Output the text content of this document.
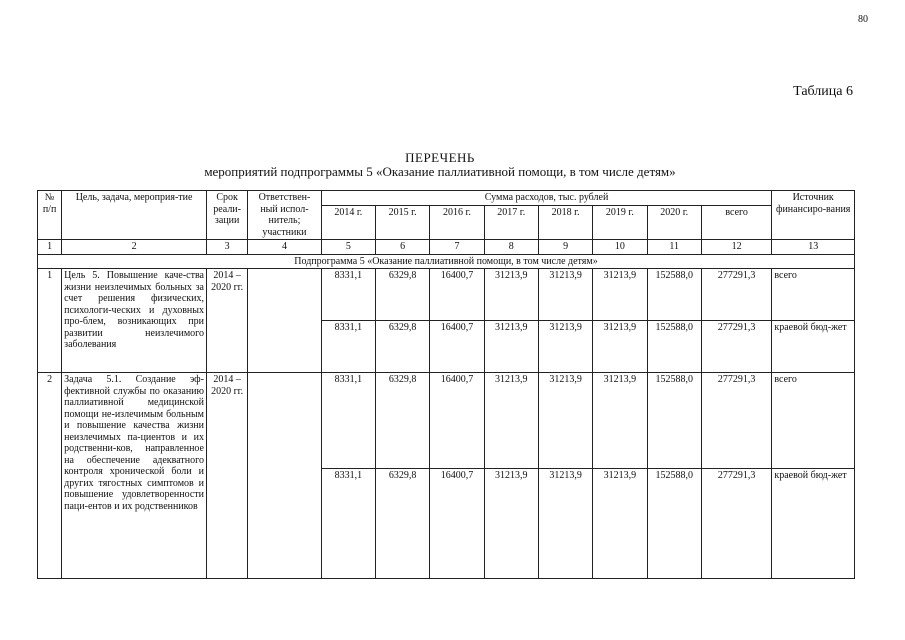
80
Таблица 6
ПЕРЕЧЕНЬ
мероприятий подпрограммы 5 «Оказание паллиативной помощи, в том числе детям»
№ п/п	Цель, задача, мероприя-тие	Срок реали-зации	Ответствен-ный испол-нитель; участники	Сумма расходов, тыс. рублей								Источник финансиро-вания
				2014 г.	2015 г.	2016 г.	2017 г.	2018 г.	2019 г.	2020 г.	всего	
1	2	3	4	5	6	7	8	9	10	11	12	13
Подпрограмма 5 «Оказание паллиативной помощи, в том числе детям»												
1	Цель 5. Повышение каче-ства жизни неизлечимых больных за счет решения физических, психологи-ческих и духовных про-блем, возникающих при развитии неизлечимого заболевания	2014 – 2020 гг.		8331,1	6329,8	16400,7	31213,9	31213,9	31213,9	152588,0	277291,3	всего
				8331,1	6329,8	16400,7	31213,9	31213,9	31213,9	152588,0	277291,3	краевой бюд-жет
2	Задача 5.1. Создание эф-фективной службы по оказанию паллиативной медицинской помощи не-излечимым больным и повышение качества жизни неизлечимых па-циентов и их родственни-ков, направленное на обеспечение адекватного контроля хронической боли и других тягостных симптомов и повышение удовлетворенности паци-ентов и их родственников	2014 – 2020 гг.		8331,1	6329,8	16400,7	31213,9	31213,9	31213,9	152588,0	277291,3	всего
				8331,1	6329,8	16400,7	31213,9	31213,9	31213,9	152588,0	277291,3	краевой бюд-жет
